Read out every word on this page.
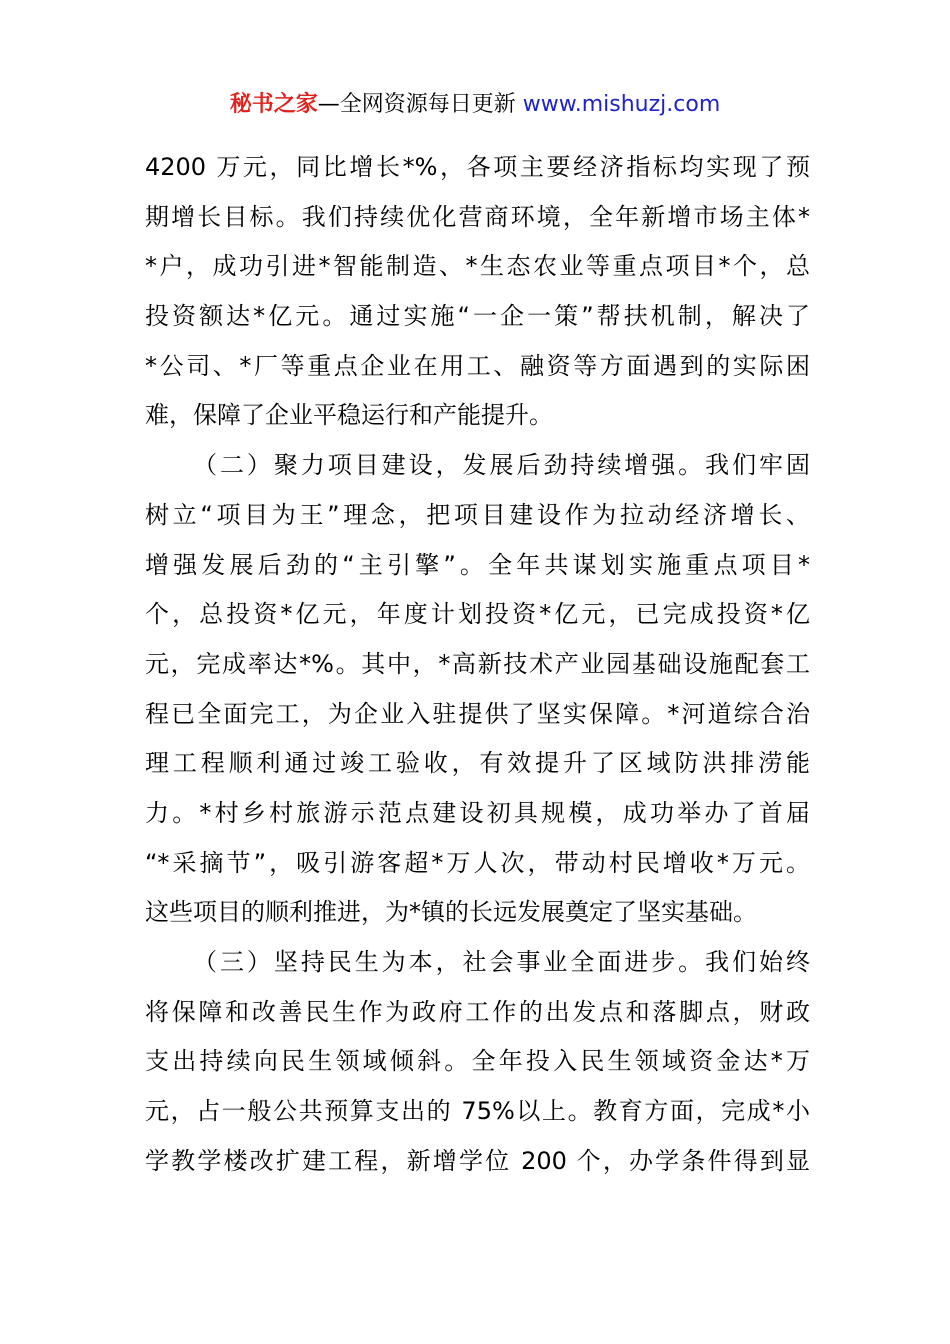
秘书之家—全网资源每日更新 www.mishuzj.com
4200 万元，同比增长*%，各项主要经济指标均实现了预
期增长目标。我们持续优化营商环境，全年新增市场主体*
*户，成功引进*智能制造、*生态农业等重点项目*个，总
投资额达*亿元。通过实施“一企一策”帮扶机制，解决了
*公司、*厂等重点企业在用工、融资等方面遇到的实际困
难，保障了企业平稳运行和产能提升。
（二）聚力项目建设，发展后劲持续增强。我们牢固
树立“项目为王”理念，把项目建设作为拉动经济增长、
增强发展后劲的“主引擎”。全年共谋划实施重点项目*
个，总投资*亿元，年度计划投资*亿元，已完成投资*亿
元，完成率达*%。其中，*高新技术产业园基础设施配套工
程已全面完工，为企业入驻提供了坚实保障。*河道综合治
理工程顺利通过竣工验收，有效提升了区域防洪排涝能
力。*村乡村旅游示范点建设初具规模，成功举办了首届
“*采摘节”，吸引游客超*万人次，带动村民增收*万元。
这些项目的顺利推进，为*镇的长远发展奠定了坚实基础。
（三）坚持民生为本，社会事业全面进步。我们始终
将保障和改善民生作为政府工作的出发点和落脚点，财政
支出持续向民生领域倾斜。全年投入民生领域资金达*万
元，占一般公共预算支出的 75%以上。教育方面，完成*小
学教学楼改扩建工程，新增学位 200 个，办学条件得到显
